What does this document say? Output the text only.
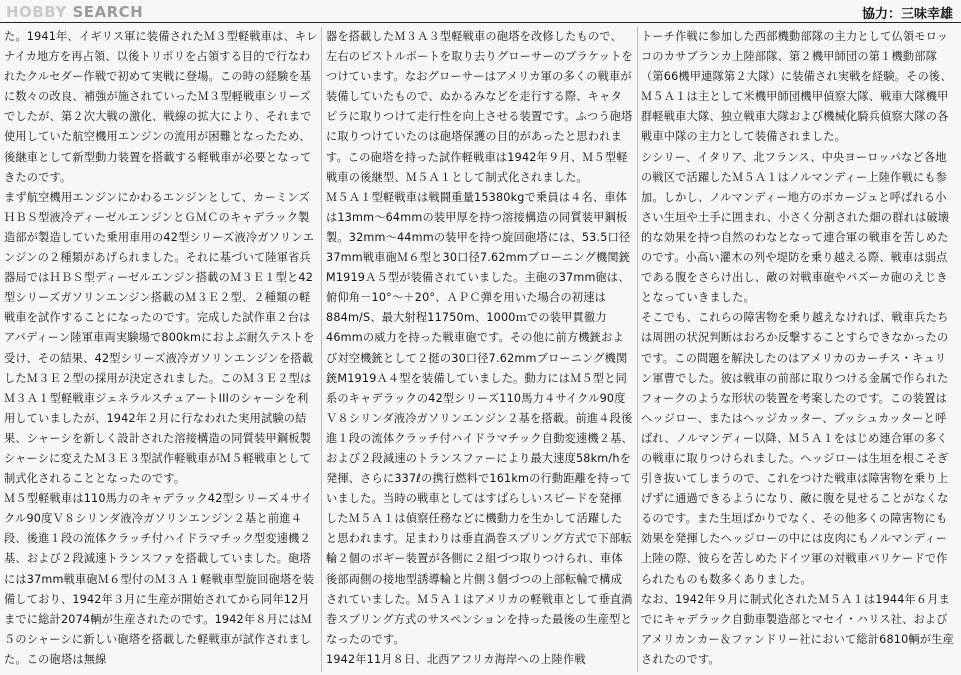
HOBBY SEARCH	協力：三味幸雄

た。1941年、イギリス軍に装備されたＭ３型軽戦車は、キレナイカ地方を再占領、以後トリポリを占領する目的で行なわれたクルセダー作戦で初めて実戦に登場。この時の経験を基に数々の改良、補強が施されていったＭ３型軽戦車シリーズでしたが、第２次大戦の激化、戦線の拡大により、それまで使用していた航空機用エンジンの流用が困難となったため、後継車として新型動力装置を搭載する軽戦車が必要となってきたのです。

まず航空機用エンジンにかわるエンジンとして、カーミンズＨＢＳ型液冷ディーゼルエンジンとＧＭＣのキャデラック製造部が製造していた乗用車用の42型シリーズ液冷ガソリンエンジンの２種類があげられました。それに基づいて陸軍省兵器局ではＨＢＳ型ディーゼルエンジン搭載のＭ３Ｅ１型と42型シリーズガソリンエンジン搭載のＭ３Ｅ２型、２種類の軽戦車を試作することになったのです。完成した試作車２台はアバディーン陸軍車両実験場で800kmにおよぶ耐久テストを受け、その結果、42型シリーズ液冷ガソリンエンジンを搭載したＭ３Ｅ２型の採用が決定されました。このＭ３Ｅ２型はＭ３Ａ１型軽戦車ジェネラルスチュアートIIIのシャーシを利用していましたが、1942年２月に行なわれた実用試験の結果、シャーシを新しく設計された溶接構造の同質装甲鋼板製シャーシに変えたＭ３Ｅ３型試作軽戦車がＭ５軽戦車として制式化されることとなったのです。

Ｍ５型軽戦車は110馬力のキャデラック42型シリーズ４サイクル90度Ｖ８シリンダ液冷ガソリンエンジン２基と前進４段、後進１段の流体クラッチ付ハイドラマチック型変速機２基、および２段減速トランスファを搭載していました。砲塔には37mm戦車砲Ｍ６型付のＭ３Ａ１軽戦車型旋回砲塔を装備しており、1942年３月に生産が開始されてから同年12月までに総計2074輌が生産されたのです。1942年８月にはＭ５のシャーシに新しい砲塔を搭載した軽戦車が試作されました。この砲塔は無線

器を搭載したＭ３Ａ３型軽戦車の砲塔を改修したもので、左右のピストルポートを取り去りグローサーのブラケットをつけています。なおグローサーはアメリカ軍の多くの戦車が装備していたもので、ぬかるみなどを走行する際、キャタピラに取りつけて走行性を向上させる装置です。ふつう砲塔に取りつけていたのは砲塔保護の目的があったと思われます。この砲塔を持った試作軽戦車は1942年９月、Ｍ５型軽戦車の後継型、Ｍ５Ａ１として制式化されました。

Ｍ５Ａ１型軽戦車は戦闘重量15380kgで乗員は４名、車体は13mm～64mmの装甲厚を持つ溶接構造の同質装甲鋼板製。32mm～44mmの装甲を持つ旋回砲塔には、53.5口径37mm戦車砲Ｍ６型と30口径7.62mmブローニング機関銃M1919Ａ５型が装備されていました。主砲の37mm砲は、俯仰角－10°～＋20°、ＡＰＣ弾を用いた場合の初速は884m/S、最大射程11750m、1000ｍでの装甲貫徹力46mmの威力を持った戦車砲です。その他に前方機銃および対空機銃として２挺の30口径7.62mmブローニング機関銃M1919Ａ４型を装備していました。動力にはＭ５型と同系のキャデラックの42型シリーズ110馬力４サイクル90度Ｖ８シリンダ液冷ガソリンエンジン２基を搭載。前進４段後進１段の流体クラッチ付ハイドラマチック自動変速機２基、および２段減速のトランスファーにより最大速度58km/hを発揮、さらに337ℓの携行燃料で161kmの行動距離を持っていました。当時の戦車としてはすばらしいスピードを発揮したＭ５Ａ１は偵察任務などに機動力を生かして活躍したと思われます。足まわりは垂直渦巻スプリング方式で下部転輪２個のボギー装置が各側に２組づつ取りつけられ、車体後部両側の接地型誘導輪と片側３個づつの上部転輪で構成されていました。Ｍ５Ａ１はアメリカの軽戦車として垂直渦巻スプリング方式のサスペンションを持った最後の生産型となったのです。

1942年11月８日、北西アフリカ海岸への上陸作戦

トーチ作戦に参加した西部機動部隊の主力として仏領モロッコのカサブランカ上陸部隊、第２機甲師団の第１機動部隊（第66機甲連隊第２大隊）に装備され実戦を経験。その後、Ｍ５Ａ１は主として米機甲師団機甲偵察大隊、戦車大隊機甲群軽戦車大隊、独立戦車大隊および機械化騎兵偵察大隊の各戦車中隊の主力として装備されました。

シシリー、イタリア、北フランス、中央ヨーロッパなど各地の戦区で活躍したＭ５Ａ１はノルマンディー上陸作戦にも参加。しかし、ノルマンディー地方のボカージュと呼ばれる小さい生垣や土手に囲まれ、小さく分割された畑の群れは破壊的な効果を持つ自然のわなとなって連合軍の戦車を苦しめたのです。小高い灌木の列や堤防を乗り越える際、戦車は弱点である腹をさらけ出し、敵の対戦車砲やバズーカ砲のえじきとなっていきました。

そこでも、これらの障害物を乗り越えなければ、戦車兵たちは周囲の状況判断はおろか反撃することすらできなかったのです。この問題を解決したのはアメリカのカーチス・キュリン軍曹でした。彼は戦車の前部に取りつける金属で作られたフォークのような形状の装置を考案したのです。この装置はヘッジロー、またはヘッジカッター、ブッシュカッターと呼ばれ、ノルマンディー以降、Ｍ５Ａ１をはじめ連合軍の多くの戦車に取りつけられました。ヘッジローは生垣を根こそぎ引き抜いてしまうので、これをつけた戦車は障害物を乗り上げずに通過できるようになり、敵に腹を見せることがなくなるのです。また生垣ばかりでなく、その他多くの障害物にも効果を発揮したヘッジローの中には皮肉にもノルマンディー上陸の際、彼らを苦しめたドイツ軍の対戦車バリケードで作られたものも数多くありました。

なお、1942年９月に制式化されたＭ５Ａ１は1944年６月までにキャデラック自動車製造部とマセイ・ハリス社、およびアメリカンカー＆ファンドリー社において総計6810輌が生産されたのです。
